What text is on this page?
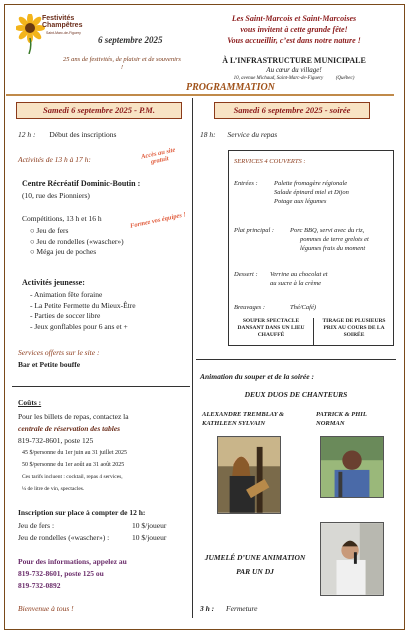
Festivités Champêtres
Saint-Marc-de-Figuery
6 septembre 2025
25 ans de festivités, de plaisir et de souvenirs !
Les Saint-Marcois et Saint-Marcoises
vous invitent à cette grande fête!
Vous accueillir, c’est dans notre nature !
À L’INFRASTRUCTURE MUNICIPALE
Au cœur du village!
10, avenue Michaud, Saint-Marc-de-Figuery          (Québec)
PROGRAMMATION
Samedi 6 septembre 2025 - P.M.
12 h : Début des inscriptions
Activités de 13 h à 17 h:	Accès au site gratuit
Centre Récréatif Dominic-Boutin :
(10, rue des Pionniers)
Compétitions, 13 h et 16 h
○ Jeu de fers
○ Jeu de rondelles («wascher»)
○ Méga jeu de poches
Formez vos équipes !
Activités jeunesse:
- Animation fête foraine
- La Petite Fermette du Mieux-Être
- Parties de soccer libre
- Jeux gonflables pour 6 ans et +
Services offerts sur le site :
Bar et Petite bouffe
Coûts :
Pour les billets de repas, contactez la
centrale de réservation des tables
819-732-8601, poste 125
45 $/personne du 1er juin au 31 juillet 2025
50 $/personne du 1er août au 31 août 2025
Ces tarifs incluent : cocktail, repas 4 services,
¼ de litre de vin, spectacles.
Inscription sur place à compter de 12 h:
Jeu de fers :	10 $/joueur
Jeu de rondelles («wascher») :	10 $/joueur
Pour des informations, appelez au
819-732-8601, poste 125 ou
819-732-0892
Bienvenue à tous !
Samedi 6 septembre 2025 - soirée
18 h: Service du repas
SERVICES 4 COUVERTS :
Entrées :	Palette fromagère régionale
Salade épinard miel et Dijon
Potage aux légumes
Plat principal : Porc BBQ, servi avec du riz,
pommes de terre grelots et
légumes frais du moment
Dessert : Verrine au chocolat et
au sucre à la crème
Breuvages :	Thé/Café)
SOUPER SPECTACLE DANSANT DANS UN LIEU CHAUFFÉ
TIRAGE DE PLUSIEURS PRIX AU COURS DE LA SOIRÉE
Animation du souper et de la soirée :
DEUX DUOS DE CHANTEURS
ALEXANDRE TREMBLAY & KATHLEEN SYLVAIN
PATRICK & PHIL NORMAN
JUMELÉ D’UNE ANIMATION PAR UN DJ
3 h : Fermeture
